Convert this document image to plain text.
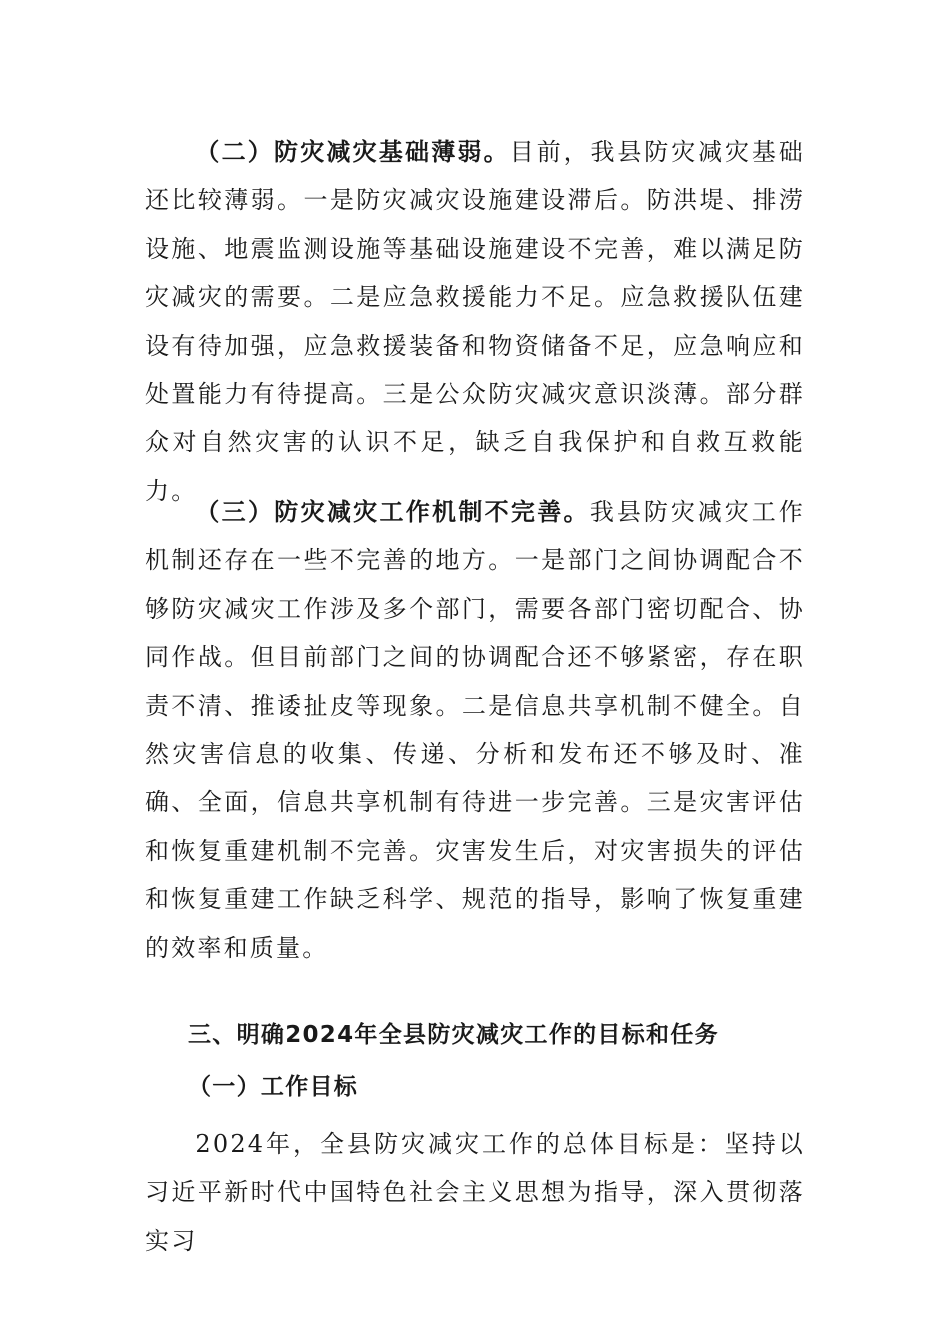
（二）防灾减灾基础薄弱。目前，我县防灾减灾基础还比较薄弱。一是防灾减灾设施建设滞后。防洪堤、排涝设施、地震监测设施等基础设施建设不完善，难以满足防灾减灾的需要。二是应急救援能力不足。应急救援队伍建设有待加强，应急救援装备和物资储备不足，应急响应和处置能力有待提高。三是公众防灾减灾意识淡薄。部分群众对自然灾害的认识不足，缺乏自我保护和自救互救能力。

（三）防灾减灾工作机制不完善。我县防灾减灾工作机制还存在一些不完善的地方。一是部门之间协调配合不够防灾减灾工作涉及多个部门，需要各部门密切配合、协同作战。但目前部门之间的协调配合还不够紧密，存在职责不清、推诿扯皮等现象。二是信息共享机制不健全。自然灾害信息的收集、传递、分析和发布还不够及时、准确、全面，信息共享机制有待进一步完善。三是灾害评估和恢复重建机制不完善。灾害发生后，对灾害损失的评估和恢复重建工作缺乏科学、规范的指导，影响了恢复重建的效率和质量。

三、明确2024年全县防灾减灾工作的目标和任务
（一）工作目标

2024年，全县防灾减灾工作的总体目标是：坚持以习近平新时代中国特色社会主义思想为指导，深入贯彻落实习
